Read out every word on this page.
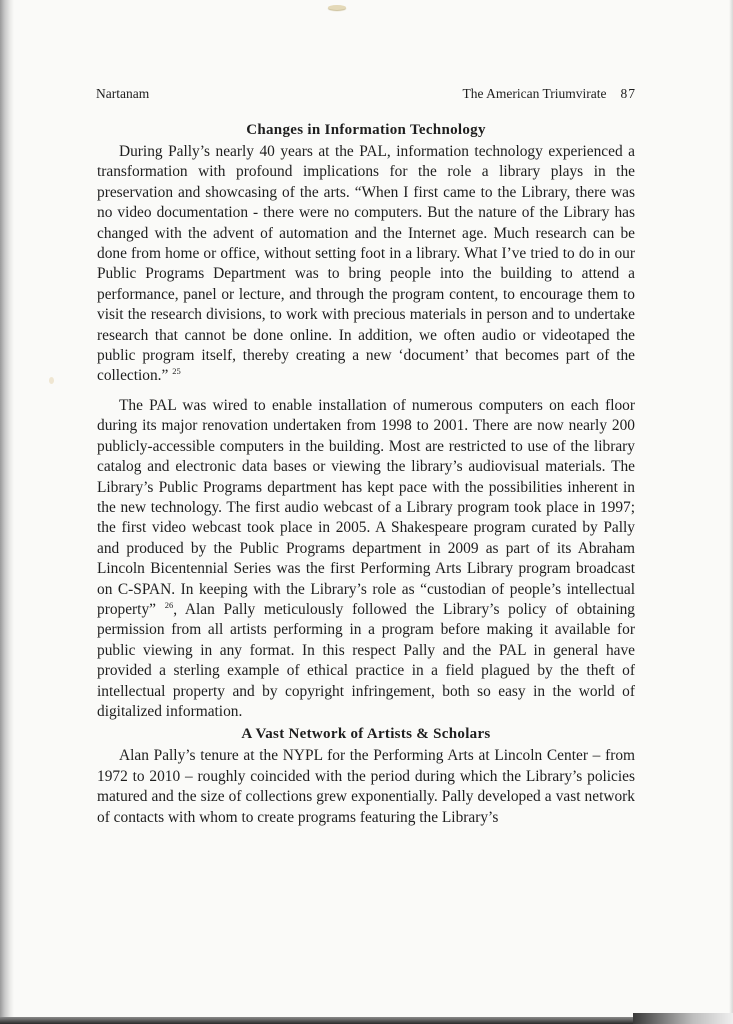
Nartanam	The American Triumvirate 87
Changes in Information Technology

During Pally’s nearly 40 years at the PAL, information technology experienced a transformation with profound implications for the role a library plays in the preservation and showcasing of the arts. “When I first came to the Library, there was no video documentation - there were no computers. But the nature of the Library has changed with the advent of automation and the Internet age. Much research can be done from home or office, without setting foot in a library. What I’ve tried to do in our Public Programs Department was to bring people into the building to attend a performance, panel or lecture, and through the program content, to encourage them to visit the research divisions, to work with precious materials in person and to undertake research that cannot be done online. In addition, we often audio or videotaped the public program itself, thereby creating a new ‘document’ that becomes part of the collection.” $^{25}$

The PAL was wired to enable installation of numerous computers on each floor during its major renovation undertaken from 1998 to 2001. There are now nearly 200 publicly-accessible computers in the building. Most are restricted to use of the library catalog and electronic data bases or viewing the library’s audiovisual materials. The Library’s Public Programs department has kept pace with the possibilities inherent in the new technology. The first audio webcast of a Library program took place in 1997; the first video webcast took place in 2005. A Shakespeare program curated by Pally and produced by the Public Programs department in 2009 as part of its Abraham Lincoln Bicentennial Series was the first Performing Arts Library program broadcast on C-SPAN. In keeping with the Library’s role as “custodian of people’s intellectual property” $^{26}$, Alan Pally meticulously followed the Library’s policy of obtaining permission from all artists performing in a program before making it available for public viewing in any format. In this respect Pally and the PAL in general have provided a sterling example of ethical practice in a field plagued by the theft of intellectual property and by copyright infringement, both so easy in the world of digitalized information.

A Vast Network of Artists & Scholars

Alan Pally’s tenure at the NYPL for the Performing Arts at Lincoln Center – from 1972 to 2010 – roughly coincided with the period during which the Library’s policies matured and the size of collections grew exponentially. Pally developed a vast network of contacts with whom to create programs featuring the Library’s
